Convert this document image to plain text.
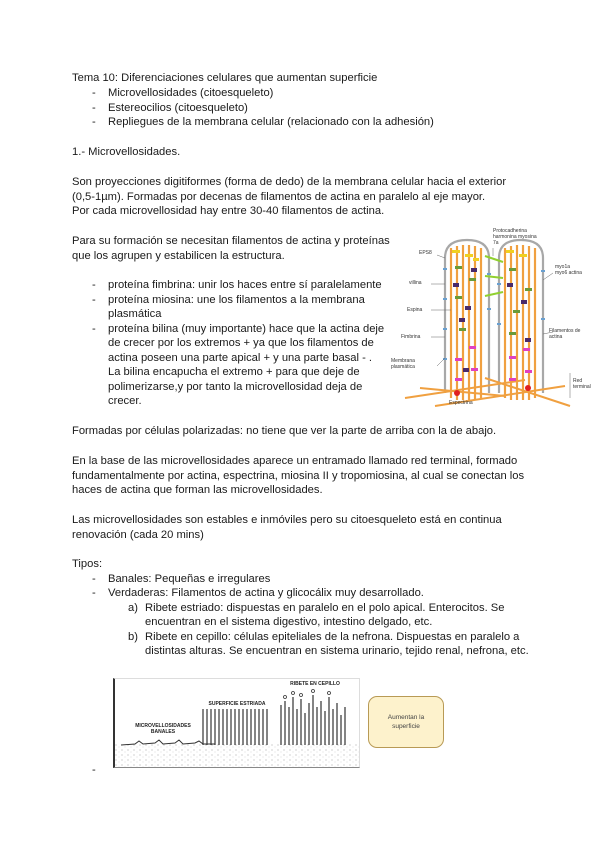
Tema 10: Diferenciaciones celulares que aumentan superficie
-	Microvellosidades (citoesqueleto)
-	Estereocilios (citoesqueleto)
-	Repliegues de la membrana celular (relacionado con la adhesión)
1.- Microvellosidades.
Son proyecciones digitiformes (forma de dedo) de la membrana celular hacia el exterior
(0,5-1µm). Formadas por decenas de filamentos de actina en paralelo al eje mayor.
Por cada microvellosidad hay entre 30-40 filamentos de actina.
Para su formación se necesitan filamentos de actina y proteínas
que los agrupen y estabilicen la estructura.
-	proteína fimbrina: unir los haces entre sí paralelamente
-	proteína miosina: une los filamentos a la membrana
plasmática
-	proteína bilina (muy importante) hace que la actina deje
de crecer por los extremos + ya que los filamentos de
actina poseen una parte apical + y una parte basal - .
La bilina encapucha el extremo + para que deje de
polimerizarse,y por tanto la microvellosidad deja de
crecer.
Protocadherina harmonina myosina 7a
EPS8
villina
Espina
Fimbrina
Membrana plasmática
Espectrina
myo1a myo6 actina
Filamentos de actina
Red terminal
Formadas por células polarizadas: no tiene que ver la parte de arriba con la de abajo.
En la base de las microvellosidades aparece un entramado llamado red terminal, formado
fundamentalmente por actina, espectrina, miosina II y tropomiosina, al cual se conectan los
haces de actina que forman las microvellosidades.
Las microvellosidades son estables e inmóviles pero su citoesqueleto está en continua
renovación (cada 20 mins)
Tipos:
-	Banales: Pequeñas e irregulares
-	Verdaderas: Filamentos de actina y glicocálix muy desarrollado.
a) Ribete estriado: dispuestas en paralelo en el polo apical. Enterocitos. Se
encuentran en el sistema digestivo, intestino delgado, etc.
b) Ribete en cepillo: células epiteliales de la nefrona. Dispuestas en paralelo a
distintas alturas. Se encuentran en sistema urinario, tejido renal, nefrona, etc.
MICROVELLOSIDADES BANALES
SUPERFICIE ESTRIADA
RIBETE EN CEPILLO
Aumentan la superficie
-
